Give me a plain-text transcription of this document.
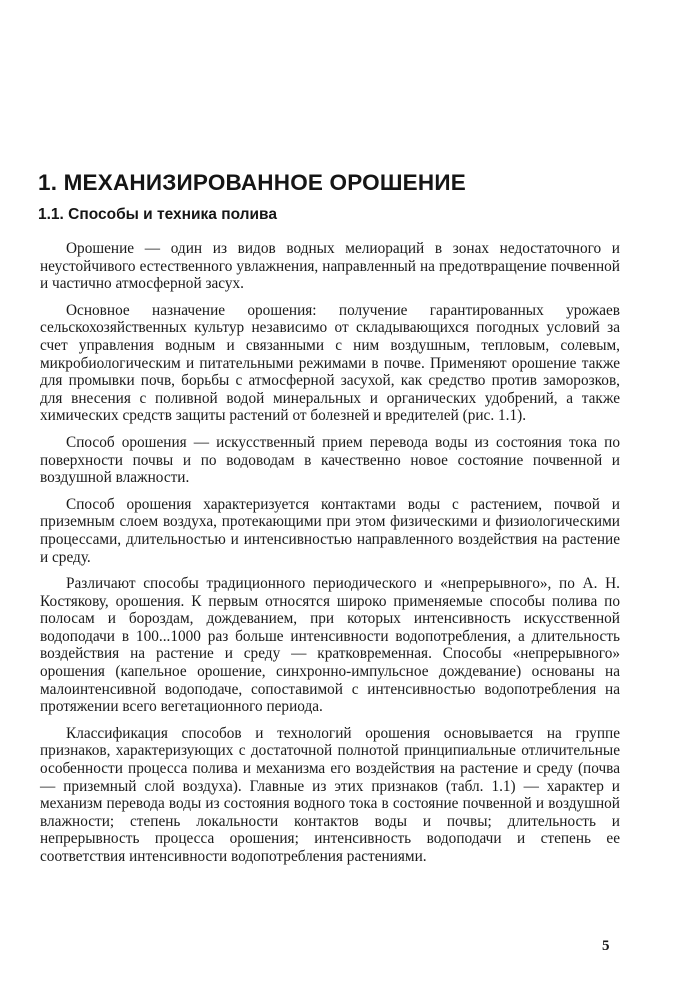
1. МЕХАНИЗИРОВАННОЕ ОРОШЕНИЕ
1.1. Способы и техника полива

Орошение — один из видов водных мелиораций в зонах недостаточного и неустойчивого естественного увлажнения, направленный на предотвращение почвенной и частично атмосферной засух.

Основное назначение орошения: получение гарантированных урожаев сельскохозяйственных культур независимо от складывающихся погодных условий за счет управления водным и связанными с ним воздушным, тепловым, солевым, микробиологическим и питательными режимами в почве. Применяют орошение также для промывки почв, борьбы с атмосферной засухой, как средство против заморозков, для внесения с поливной водой минеральных и органических удобрений, а также химических средств защиты растений от болезней и вредителей (рис. 1.1).

Способ орошения — искусственный прием перевода воды из состояния тока по поверхности почвы и по водоводам в качественно новое состояние почвенной и воздушной влажности.

Способ орошения характеризуется контактами воды с растением, почвой и приземным слоем воздуха, протекающими при этом физическими и физиологическими процессами, длительностью и интенсивностью направленного воздействия на растение и среду.

Различают способы традиционного периодического и «непрерывного», по А. Н. Костякову, орошения. К первым относятся широко применяемые способы полива по полосам и бороздам, дождеванием, при которых интенсивность искусственной водоподачи в 100...1000 раз больше интенсивности водопотребления, а длительность воздействия на растение и среду — кратковременная. Способы «непрерывного» орошения (капельное орошение, синхронно-импульсное дождевание) основаны на малоинтенсивной водоподаче, сопоставимой с интенсивностью водопотребления на протяжении всего вегетационного периода.

Классификация способов и технологий орошения основывается на группе признаков, характеризующих с достаточной полнотой принципиальные отличительные особенности процесса полива и механизма его воздействия на растение и среду (почва — приземный слой воздуха). Главные из этих признаков (табл. 1.1) — характер и механизм перевода воды из состояния водного тока в состояние почвенной и воздушной влажности; степень локальности контактов воды и почвы; длительность и непрерывность процесса орошения; интенсивность водоподачи и степень ее соответствия интенсивности водопотребления растениями.

5
